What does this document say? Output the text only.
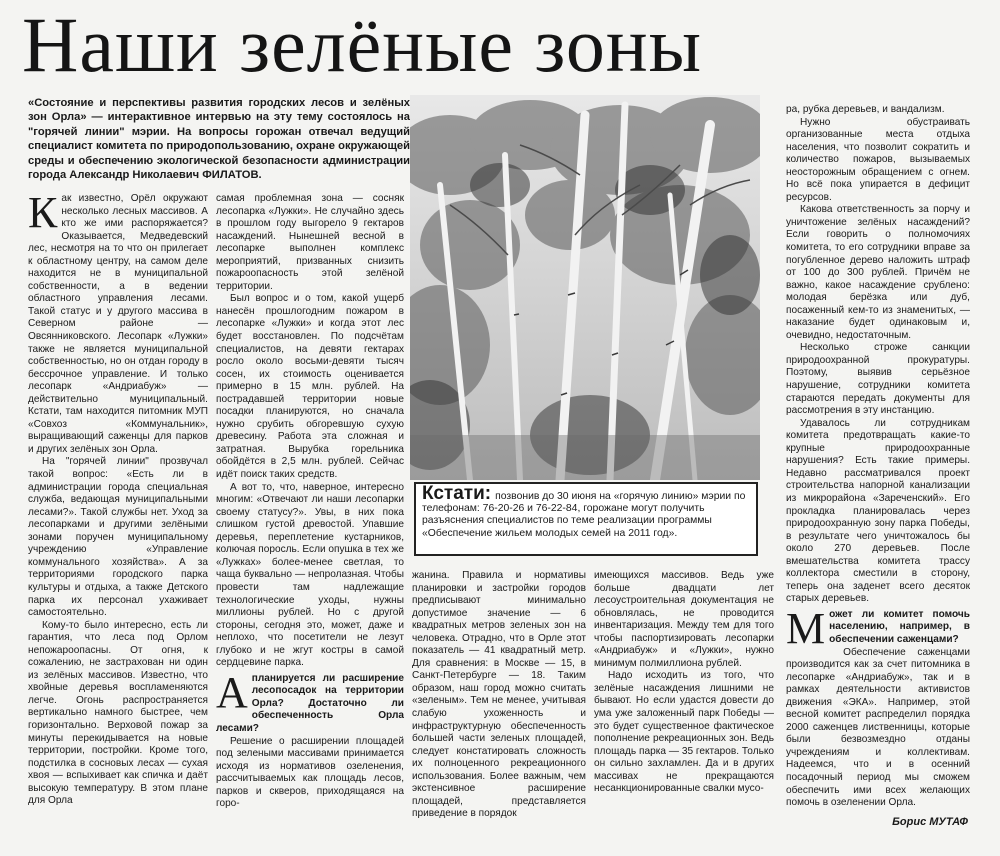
Наши зелёные зоны
«Состояние и перспективы развития городских лесов и зелёных зон Орла» — интерактивное интервью на эту тему состоялось на "горячей линии" мэрии. На вопросы горожан отвечал ведущий специалист комитета по природопользованию, охране окружающей среды и обеспечению экологической безопасности администрации города Александр Николаевич ФИЛАТОВ.

Как известно, Орёл окружают несколько лесных массивов. А кто же ими распоряжается? Оказывается, Медведевский лес, несмотря на то что он прилегает к областному центру, на самом деле находится не в муниципальной собственности, а в ведении областного управления лесами. Такой статус и у другого массива в Северном районе — Овсянниковского. Лесопарк «Лужки» также не является муниципальной собственностью, но он отдан городу в бессрочное управление. И только лесопарк «Андриабуж» — действительно муниципальный. Кстати, там находится питомник МУП «Совхоз «Коммунальник», выращивающий саженцы для парков и других зелёных зон Орла.

На "горячей линии" прозвучал такой вопрос: «Есть ли в администрации города специальная служба, ведающая муниципальными лесами?». Такой службы нет. Уход за лесопарками и другими зелёными зонами поручен муниципальному учреждению «Управление коммунального хозяйства». А за территориями городского парка культуры и отдыха, а также Детского парка их персонал ухаживает самостоятельно.

Кому-то было интересно, есть ли гарантия, что леса под Орлом непожароопасны. От огня, к сожалению, не застрахован ни один из зелёных массивов. Известно, что хвойные деревья воспламеняются легче. Огонь распространяется вертикально намного быстрее, чем горизонтально. Верховой пожар за минуты перекидывается на новые территории, постройки. Кроме того, подстилка в сосновых лесах — сухая хвоя — вспыхивает как спичка и даёт высокую температуру. В этом плане для Орла

самая проблемная зона — сосняк лесопарка «Лужки». Не случайно здесь в прошлом году выгорело 9 гектаров насаждений. Нынешней весной в лесопарке выполнен комплекс мероприятий, призванных снизить пожароопасность этой зелёной территории.

Был вопрос и о том, какой ущерб нанесён прошлогодним пожаром в лесопарке «Лужки» и когда этот лес будет восстановлен. По подсчётам специалистов, на девяти гектарах росло около восьми-девяти тысяч сосен, их стоимость оценивается примерно в 15 млн. рублей. На пострадавшей территории новые посадки планируются, но сначала нужно срубить обгоревшую сухую древесину. Работа эта сложная и затратная. Вырубка горельника обойдётся в 2,5 млн. рублей. Сейчас идёт поиск таких средств.

А вот то, что, наверное, интересно многим: «Отвечают ли наши лесопарки своему статусу?». Увы, в них пока слишком густой древостой. Упавшие деревья, переплетение кустарников, колючая поросль. Если опушка в тех же «Лужках» более-менее светлая, то чаща буквально — непролазная. Чтобы провести там надлежащие технологические уходы, нужны миллионы рублей. Но с другой стороны, сегодня это, может, даже и неплохо, что посетители не лезут глубоко и не жгут костры в самой сердцевине парка.

А планируется ли расширение лесопосадок на территории Орла? Достаточно ли обеспеченность Орла лесами?

Решение о расширении площадей под зелеными массивами принимается исходя из нормативов озеленения, рассчитываемых как площадь лесов, парков и скверов, приходящаяся на горо-

Кстати: позвонив до 30 июня на «горячую линию» мэрии по телефонам: 76-20-26 и 76-22-84, горожане могут получить разъяснения специалистов по теме реализации программы «Обеспечение жильем молодых семей на 2011 год».

жанина. Правила и нормативы планировки и застройки городов предписывают минимально допустимое значение — 6 квадратных метров зеленых зон на человека. Отрадно, что в Орле этот показатель — 41 квадратный метр. Для сравнения: в Москве — 15, в Санкт-Петербурге — 18. Таким образом, наш город можно считать «зеленым». Тем не менее, учитывая слабую ухоженность и инфраструктурную обеспеченность большей части зеленых площадей, следует констатировать сложность их полноценного рекреационного использования. Более важным, чем экстенсивное расширение площадей, представляется приведение в порядок

имеющихся массивов. Ведь уже больше двадцати лет лесоустроительная документация не обновлялась, не проводится инвентаризация. Между тем для того чтобы паспортизировать лесопарки «Андриабуж» и «Лужки», нужно минимум полмиллиона рублей.

Надо исходить из того, что зелёные насаждения лишними не бывают. Но если удастся довести до ума уже заложенный парк Победы — это будет существенное фактическое пополнение рекреационных зон. Ведь площадь парка — 35 гектаров. Только он сильно захламлен. Да и в других массивах не прекращаются несанкционированные свалки мусо-

ра, рубка деревьев, и вандализм.

Нужно обустраивать организованные места отдыха населения, что позволит сократить и количество пожаров, вызываемых неосторожным обращением с огнем. Но всё пока упирается в дефицит ресурсов.

Какова ответственность за порчу и уничтожение зелёных насаждений? Если говорить о полномочиях комитета, то его сотрудники вправе за погубленное дерево наложить штраф от 100 до 300 рублей. Причём не важно, какое насаждение срублено: молодая берёзка или дуб, посаженный кем-то из знаменитых, — наказание будет одинаковым и, очевидно, недостаточным.

Несколько строже санкции природоохранной прокуратуры. Поэтому, выявив серьёзное нарушение, сотрудники комитета стараются передать документы для рассмотрения в эту инстанцию.

Удавалось ли сотрудникам комитета предотвращать какие-то крупные природоохранные нарушения? Есть такие примеры. Недавно рассматривался проект строительства напорной канализации из микрорайона «Зареченский». Его прокладка планировалась через природоохранную зону парка Победы, в результате чего уничтожалось бы около 270 деревьев. После вмешательства комитета трассу коллектора сместили в сторону, теперь она заденет всего десяток старых деревьев.

Может ли комитет помочь населению, например, в обеспечении саженцами?

Обеспечение саженцами производится как за счет питомника в лесопарке «Андриабуж», так и в рамках деятельности активистов движения «ЭКА». Например, этой весной комитет распределил порядка 2000 саженцев лиственницы, которые были безвозмездно отданы учреждениям и коллективам. Надеемся, что и в осенний посадочный период мы сможем обеспечить ими всех желающих помочь в озеленении Орла.

Борис МУТАФ
